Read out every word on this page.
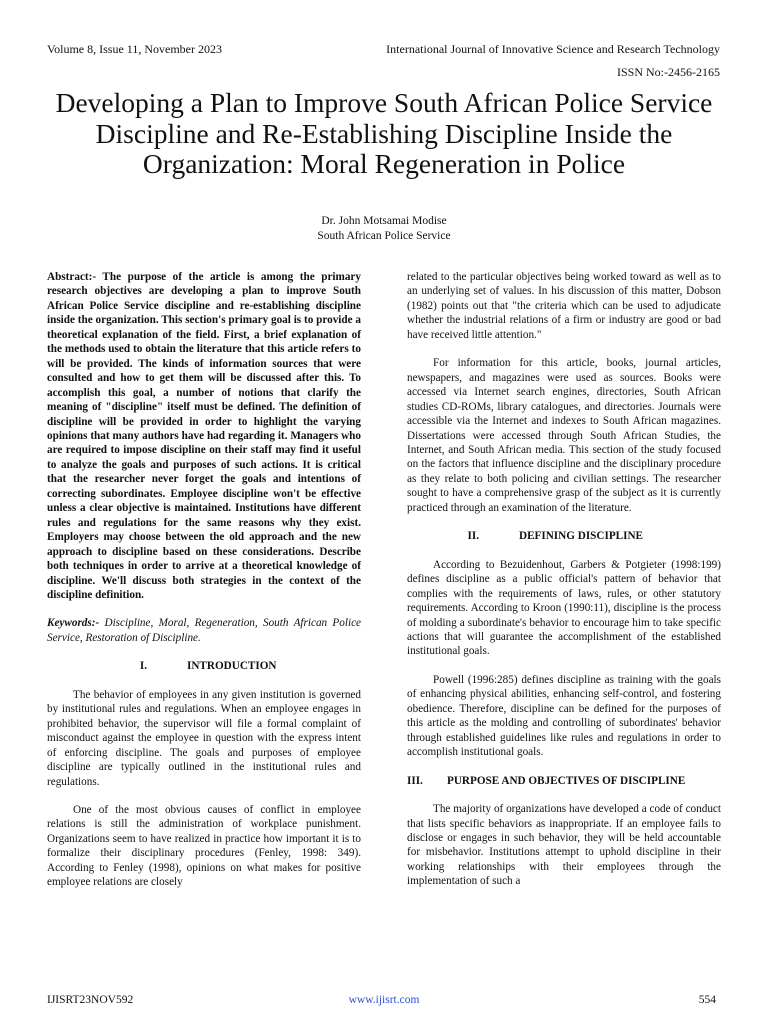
Volume 8, Issue 11, November 2023	International Journal of Innovative Science and Research Technology
ISSN No:-2456-2165
Developing a Plan to Improve South African Police Service Discipline and Re-Establishing Discipline Inside the Organization: Moral Regeneration in Police
Dr. John Motsamai Modise
South African Police Service

Abstract:- The purpose of the article is among the primary research objectives are developing a plan to improve South African Police Service discipline and re-establishing discipline inside the organization. This section's primary goal is to provide a theoretical explanation of the field. First, a brief explanation of the methods used to obtain the literature that this article refers to will be provided. The kinds of information sources that were consulted and how to get them will be discussed after this. To accomplish this goal, a number of notions that clarify the meaning of "discipline" itself must be defined. The definition of discipline will be provided in order to highlight the varying opinions that many authors have had regarding it. Managers who are required to impose discipline on their staff may find it useful to analyze the goals and purposes of such actions. It is critical that the researcher never forget the goals and intentions of correcting subordinates. Employee discipline won't be effective unless a clear objective is maintained. Institutions have different rules and regulations for the same reasons why they exist. Employers may choose between the old approach and the new approach to discipline based on these considerations. Describe both techniques in order to arrive at a theoretical knowledge of discipline. We'll discuss both strategies in the context of the discipline definition.

Keywords:- Discipline, Moral, Regeneration, South African Police Service, Restoration of Discipline.

I.	INTRODUCTION

The behavior of employees in any given institution is governed by institutional rules and regulations. When an employee engages in prohibited behavior, the supervisor will file a formal complaint of misconduct against the employee in question with the express intent of enforcing discipline. The goals and purposes of employee discipline are typically outlined in the institutional rules and regulations.

One of the most obvious causes of conflict in employee relations is still the administration of workplace punishment. Organizations seem to have realized in practice how important it is to formalize their disciplinary procedures (Fenley, 1998: 349). According to Fenley (1998), opinions on what makes for positive employee relations are closely

related to the particular objectives being worked toward as well as to an underlying set of values. In his discussion of this matter, Dobson (1982) points out that "the criteria which can be used to adjudicate whether the industrial relations of a firm or industry are good or bad have received little attention."

For information for this article, books, journal articles, newspapers, and magazines were used as sources. Books were accessed via Internet search engines, directories, South African studies CD-ROMs, library catalogues, and directories. Journals were accessible via the Internet and indexes to South African magazines. Dissertations were accessed through South African Studies, the Internet, and South African media. This section of the study focused on the factors that influence discipline and the disciplinary procedure as they relate to both policing and civilian settings. The researcher sought to have a comprehensive grasp of the subject as it is currently practiced through an examination of the literature.

II.	DEFINING DISCIPLINE

According to Bezuidenhout, Garbers & Potgieter (1998:199) defines discipline as a public official's pattern of behavior that complies with the requirements of laws, rules, or other statutory requirements. According to Kroon (1990:11), discipline is the process of molding a subordinate's behavior to encourage him to take specific actions that will guarantee the accomplishment of the established institutional goals.

Powell (1996:285) defines discipline as training with the goals of enhancing physical abilities, enhancing self-control, and fostering obedience. Therefore, discipline can be defined for the purposes of this article as the molding and controlling of subordinates' behavior through established guidelines like rules and regulations in order to accomplish institutional goals.

III.	PURPOSE AND OBJECTIVES OF DISCIPLINE

The majority of organizations have developed a code of conduct that lists specific behaviors as inappropriate. If an employee fails to disclose or engages in such behavior, they will be held accountable for misbehavior. Institutions attempt to uphold discipline in their working relationships with their employees through the implementation of such a

IJISRT23NOV592	www.ijisrt.com	554
